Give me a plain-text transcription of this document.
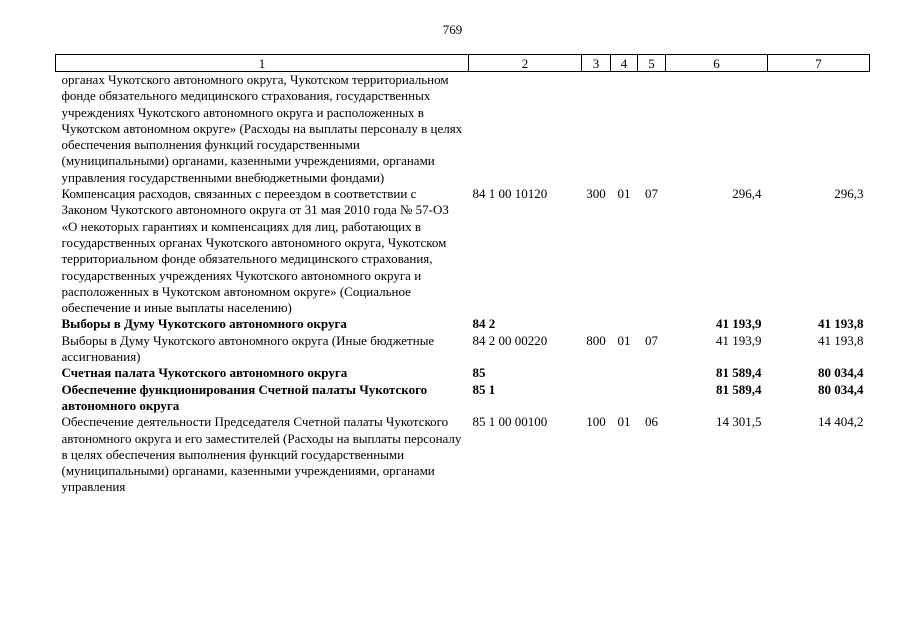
769
1	2	3	4	5	6	7
органах Чукотского автономного округа, Чукотском территориальном фонде обязательного медицинского страхования, государственных учреждениях Чукотского автономного округа и расположенных в Чукотском автономном округе» (Расходы на выплаты персоналу в целях обеспечения выполнения функций государственными (муниципальными) органами, казенными учреждениями, органами управления государственными внебюджетными фондами)						
Компенсация расходов, связанных с переездом в соответствии с Законом Чукотского автономного округа от 31 мая 2010 года № 57-ОЗ «О некоторых гарантиях и компенсациях для лиц, работающих в государственных органах Чукотского автономного округа, Чукотском территориальном фонде обязательного медицинского страхования, государственных учреждениях Чукотского автономного округа и расположенных в Чукотском автономном округе» (Социальное обеспечение и иные выплаты населению)	84 1 00 10120	300	01	07	296,4	296,3
Выборы в Думу Чукотского автономного округа	84 2				41 193,9	41 193,8
Выборы в Думу Чукотского автономного округа (Иные бюджетные ассигнования)	84 2 00 00220	800	01	07	41 193,9	41 193,8
Счетная палата Чукотского автономного округа	85				81 589,4	80 034,4
Обеспечение функционирования Счетной палаты Чукотского автономного округа	85 1				81 589,4	80 034,4
Обеспечение деятельности Председателя Счетной палаты Чукотского автономного округа и его заместителей (Расходы на выплаты персоналу в целях обеспечения выполнения функций государственными (муниципальными) органами, казенными учреждениями, органами управления	85 1 00 00100	100	01	06	14 301,5	14 404,2
